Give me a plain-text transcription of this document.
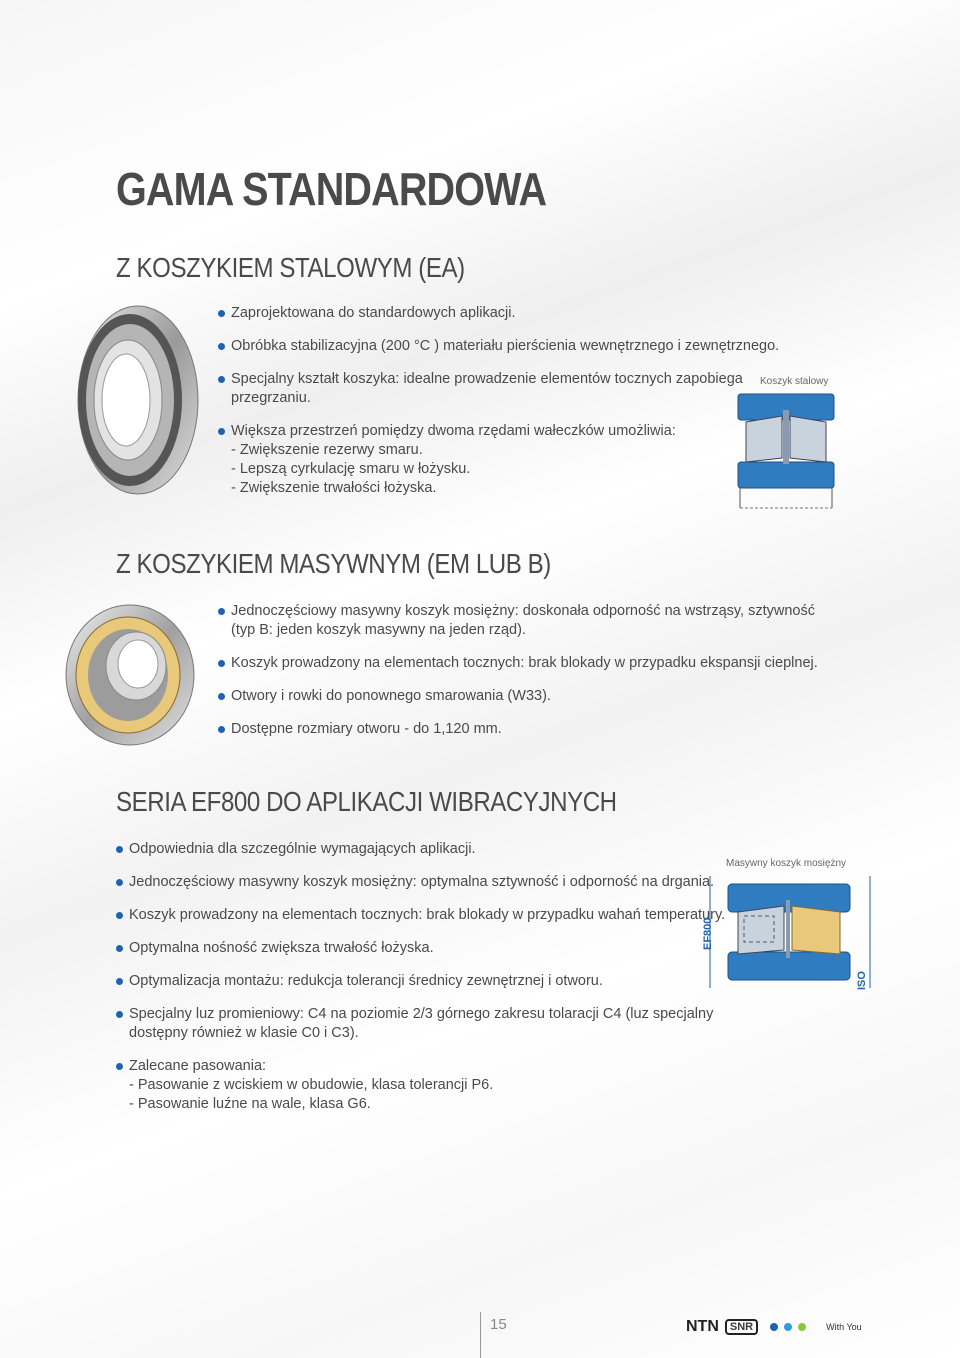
GAMA STANDARDOWA
Z KOSZYKIEM STALOWYM (EA)
Zaprojektowana do standardowych aplikacji.
Obróbka stabilizacyjna (200 °C ) materiału pierścienia wewnętrznego i zewnętrznego.
Specjalny kształt koszyka: idealne prowadzenie elementów tocznych zapobiega
przegrzaniu.
Większa przestrzeń pomiędzy dwoma rzędami wałeczków umożliwia:
- Zwiększenie rezerwy smaru.
- Lepszą cyrkulację smaru w łożysku.
- Zwiększenie trwałości łożyska.
Koszyk stalowy
Z KOSZYKIEM MASYWNYM (EM LUB B)
Jednoczęściowy masywny koszyk mosiężny: doskonała odporność na wstrząsy, sztywność
(typ B: jeden koszyk masywny na jeden rząd).
Koszyk prowadzony na elementach tocznych: brak blokady w przypadku ekspansji cieplnej.
Otwory i rowki do ponownego smarowania (W33).
Dostępne rozmiary otworu - do 1,120 mm.
SERIA EF800 DO APLIKACJI WIBRACYJNYCH
Odpowiednia dla szczególnie wymagających aplikacji.
Jednoczęściowy masywny koszyk mosiężny: optymalna sztywność i odporność na drgania.
Koszyk prowadzony na elementach tocznych: brak blokady w przypadku wahań temperatury.
Optymalna nośność zwiększa trwałość łożyska.
Optymalizacja montażu: redukcja tolerancji średnicy zewnętrznej i otworu.
Specjalny luz promieniowy: C4 na poziomie 2/3 górnego zakresu tolaracji C4 (luz specjalny
dostępny również w klasie C0 i C3).
Zalecane pasowania:
- Pasowanie z wciskiem w obudowie, klasa tolerancji P6.
- Pasowanie luźne na wale, klasa G6.
Masywny koszyk mosiężny
EF800
ISO
15	NTN	SNR	With You
